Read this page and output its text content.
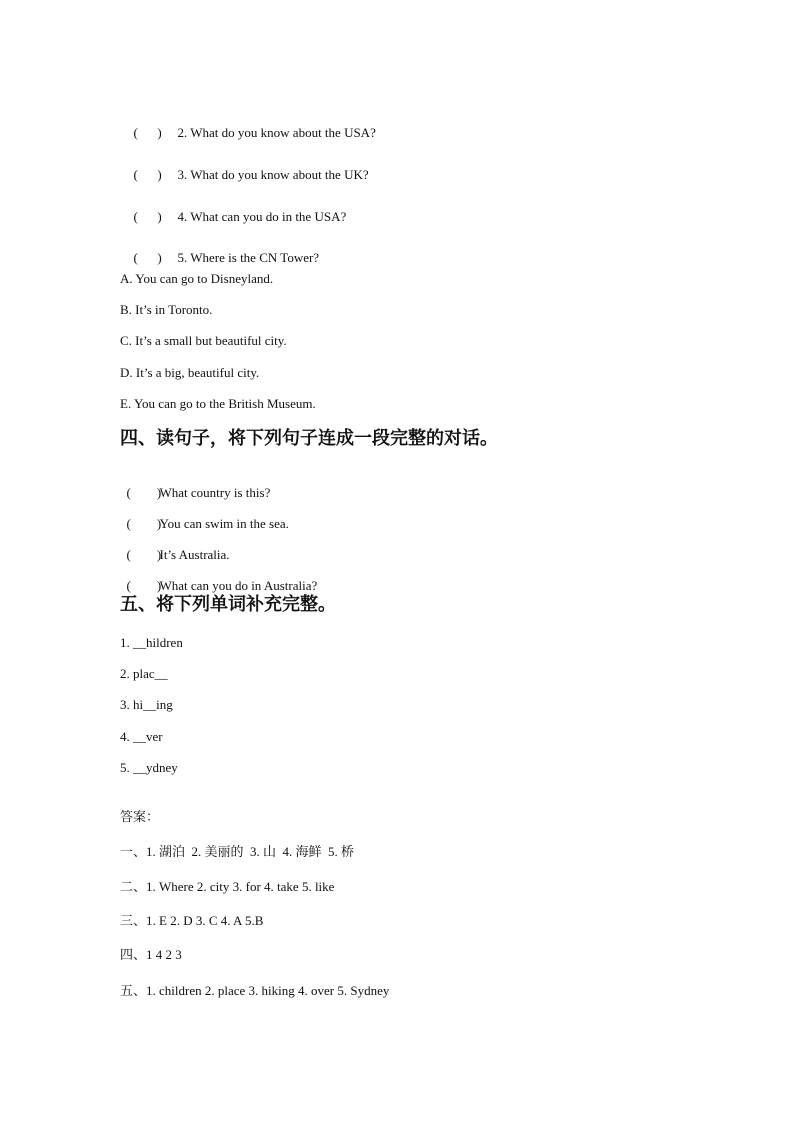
(      ) 2. What do you know about the USA?

(      ) 3. What do you know about the UK?

(      ) 4. What can you do in the USA?

(      ) 5. Where is the CN Tower?

A. You can go to Disneyland.
B. It’s in Toronto.
C. It’s a small but beautiful city.
D. It’s a big, beautiful city.
E. You can go to the British Museum.
四、读句子，将下列句子连成一段完整的对话。

(        )What country is this?

(        )You can swim in the sea.

(        )It’s Australia.

(        )What can you do in Australia?

五、将下列单词补充完整。
1. __hildren
2. plac__
3. hi__ing
4. __ver
5. __ydney
答案：
一、1. 湖泊  2. 美丽的  3. 山  4. 海鲜  5. 桥
二、1. Where 2. city 3. for 4. take 5. like
三、1. E 2. D 3. C 4. A 5.B
四、1 4 2 3
五、1. children 2. place 3. hiking 4. over 5. Sydney
